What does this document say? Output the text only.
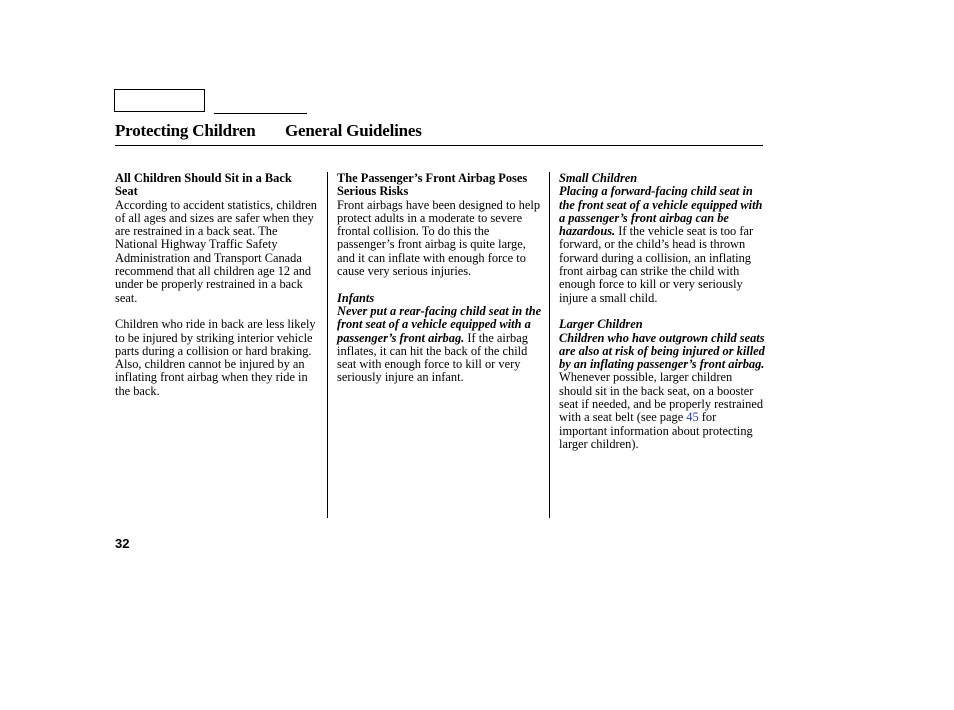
Protecting Children General Guidelines
All Children Should Sit in a Back Seat

According to accident statistics, children of all ages and sizes are safer when they are restrained in a back seat. The National Highway Traffic Safety Administration and Transport Canada recommend that all children age 12 and under be properly restrained in a back seat.

Children who ride in back are less likely to be injured by striking interior vehicle parts during a collision or hard braking. Also, children cannot be injured by an inflating front airbag when they ride in the back.

The Passenger’s Front Airbag Poses Serious Risks

Front airbags have been designed to help protect adults in a moderate to severe frontal collision. To do this the passenger’s front airbag is quite large, and it can inflate with enough force to cause very serious injuries.

Infants
Never put a rear-facing child seat in the front seat of a vehicle equipped with a passenger’s front airbag. If the airbag inflates, it can hit the back of the child seat with enough force to kill or very seriously injure an infant.

Small Children
Placing a forward-facing child seat in the front seat of a vehicle equipped with a passenger’s front airbag can be hazardous. If the vehicle seat is too far forward, or the child’s head is thrown forward during a collision, an inflating front airbag can strike the child with enough force to kill or very seriously injure a small child.

Larger Children
Children who have outgrown child seats are also at risk of being injured or killed by an inflating passenger’s front airbag. Whenever possible, larger children should sit in the back seat, on a booster seat if needed, and be properly restrained with a seat belt (see page 45 for important information about protecting larger children).

32
